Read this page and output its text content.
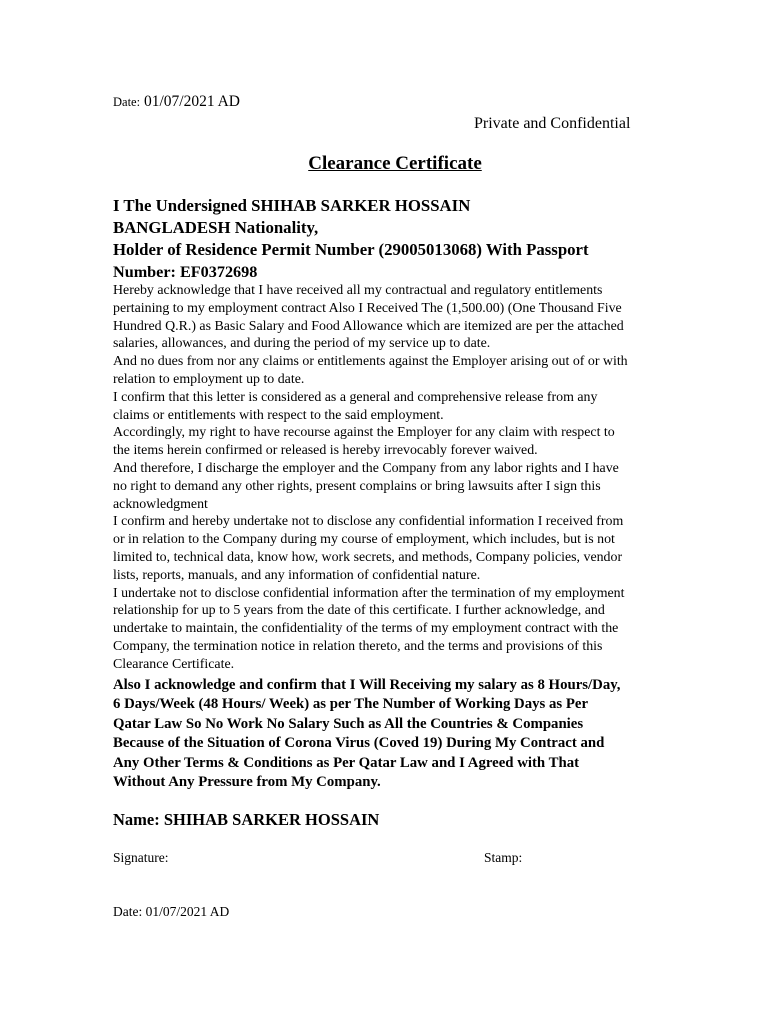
Date: 01/07/2021 AD
Private and Confidential
Clearance Certificate
I The Undersigned SHIHAB SARKER HOSSAIN
BANGLADESH Nationality,
Holder of Residence Permit Number (29005013068) With Passport
Number: EF0372698
Hereby acknowledge that I have received all my contractual and regulatory entitlements
pertaining to my employment contract Also I Received The (1,500.00) (One Thousand Five
Hundred Q.R.) as Basic Salary and Food Allowance which are itemized are per the attached
salaries, allowances, and during the period of my service up to date.
And no dues from nor any claims or entitlements against the Employer arising out of or with
relation to employment up to date.
I confirm that this letter is considered as a general and comprehensive release from any
claims or entitlements with respect to the said employment.
Accordingly, my right to have recourse against the Employer for any claim with respect to
the items herein confirmed or released is hereby irrevocably forever waived.
And therefore, I discharge the employer and the Company from any labor rights and I have
no right to demand any other rights, present complains or bring lawsuits after I sign this
acknowledgment
I confirm and hereby undertake not to disclose any confidential information I received from
or in relation to the Company during my course of employment, which includes, but is not
limited to, technical data, know how, work secrets, and methods, Company policies, vendor
lists, reports, manuals, and any information of confidential nature.
I undertake not to disclose confidential information after the termination of my employment
relationship for up to 5 years from the date of this certificate. I further acknowledge, and
undertake to maintain, the confidentiality of the terms of my employment contract with the
Company, the termination notice in relation thereto, and the terms and provisions of this
Clearance Certificate.
Also I acknowledge and confirm that I Will Receiving my salary as 8 Hours/Day,
6 Days/Week (48 Hours/ Week) as per The Number of Working Days as Per
Qatar Law So No Work No Salary Such as All the Countries & Companies
Because of the Situation of Corona Virus (Coved 19) During My Contract and
Any Other Terms & Conditions as Per Qatar Law and I Agreed with That
Without Any Pressure from My Company.
Name: SHIHAB SARKER HOSSAIN
Signature:	Stamp:
Date: 01/07/2021 AD
